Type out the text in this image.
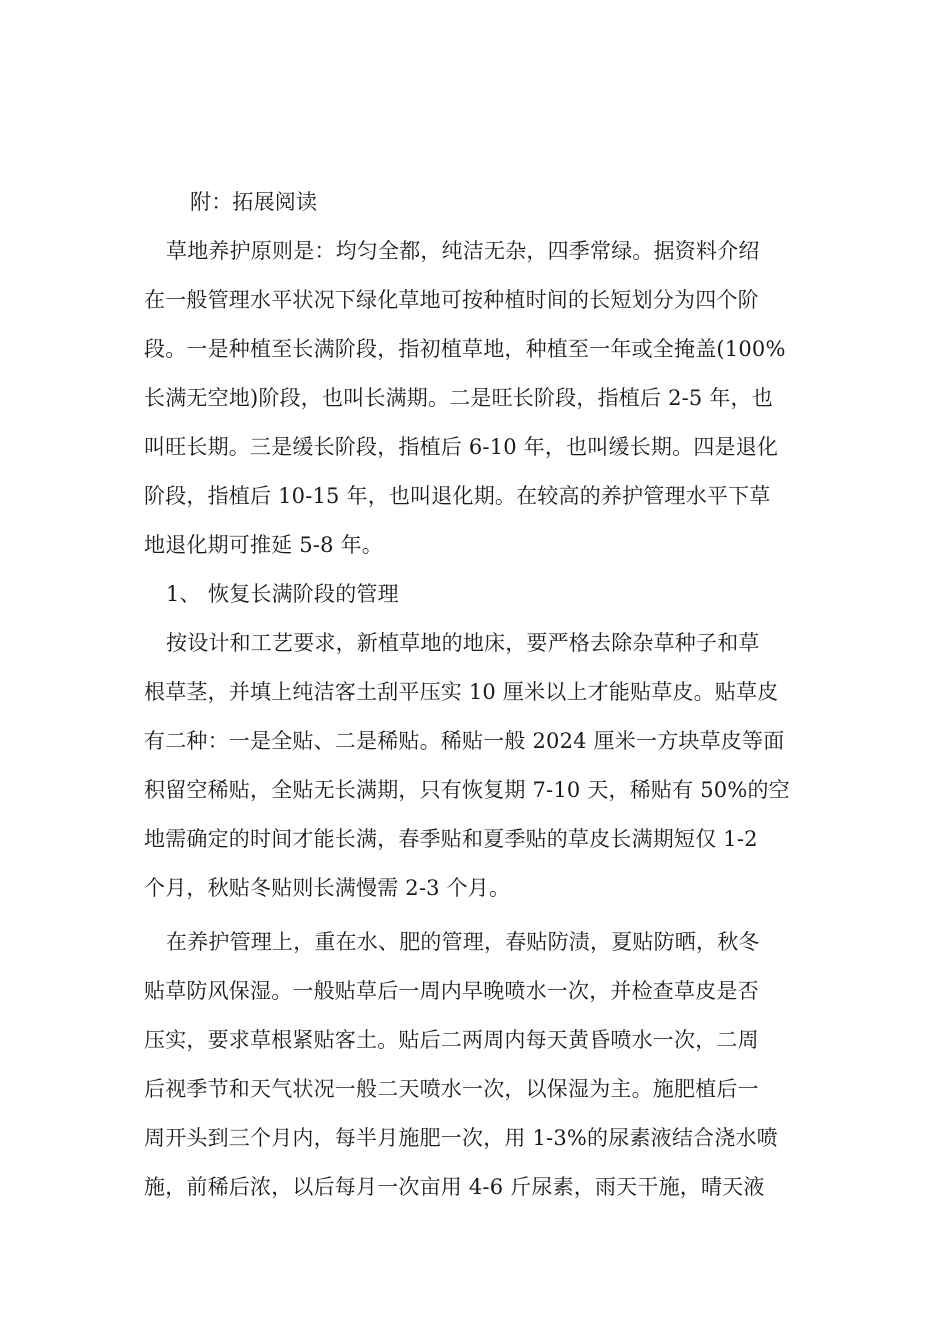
附：拓展阅读
草地养护原则是：均匀全都，纯洁无杂，四季常绿。据资料介绍
在一般管理水平状况下绿化草地可按种植时间的长短划分为四个阶
段。一是种植至长满阶段，指初植草地，种植至一年或全掩盖(100%
长满无空地)阶段，也叫长满期。二是旺长阶段，指植后 2-5 年，也
叫旺长期。三是缓长阶段，指植后 6-10 年，也叫缓长期。四是退化
阶段，指植后 10-15 年，也叫退化期。在较高的养护管理水平下草
地退化期可推延 5-8 年。
1、 恢复长满阶段的管理
按设计和工艺要求，新植草地的地床，要严格去除杂草种子和草
根草茎，并填上纯洁客土刮平压实 10 厘米以上才能贴草皮。贴草皮
有二种：一是全贴、二是稀贴。稀贴一般 2024 厘米一方块草皮等面
积留空稀贴，全贴无长满期，只有恢复期 7-10 天，稀贴有 50%的空
地需确定的时间才能长满，春季贴和夏季贴的草皮长满期短仅 1-2
个月，秋贴冬贴则长满慢需 2-3 个月。
在养护管理上，重在水、肥的管理，春贴防渍，夏贴防晒，秋冬
贴草防风保湿。一般贴草后一周内早晚喷水一次，并检查草皮是否
压实，要求草根紧贴客土。贴后二两周内每天黄昏喷水一次，二周
后视季节和天气状况一般二天喷水一次，以保湿为主。施肥植后一
周开头到三个月内，每半月施肥一次，用 1-3%的尿素液结合浇水喷
施，前稀后浓，以后每月一次亩用 4-6 斤尿素，雨天干施，晴天液
